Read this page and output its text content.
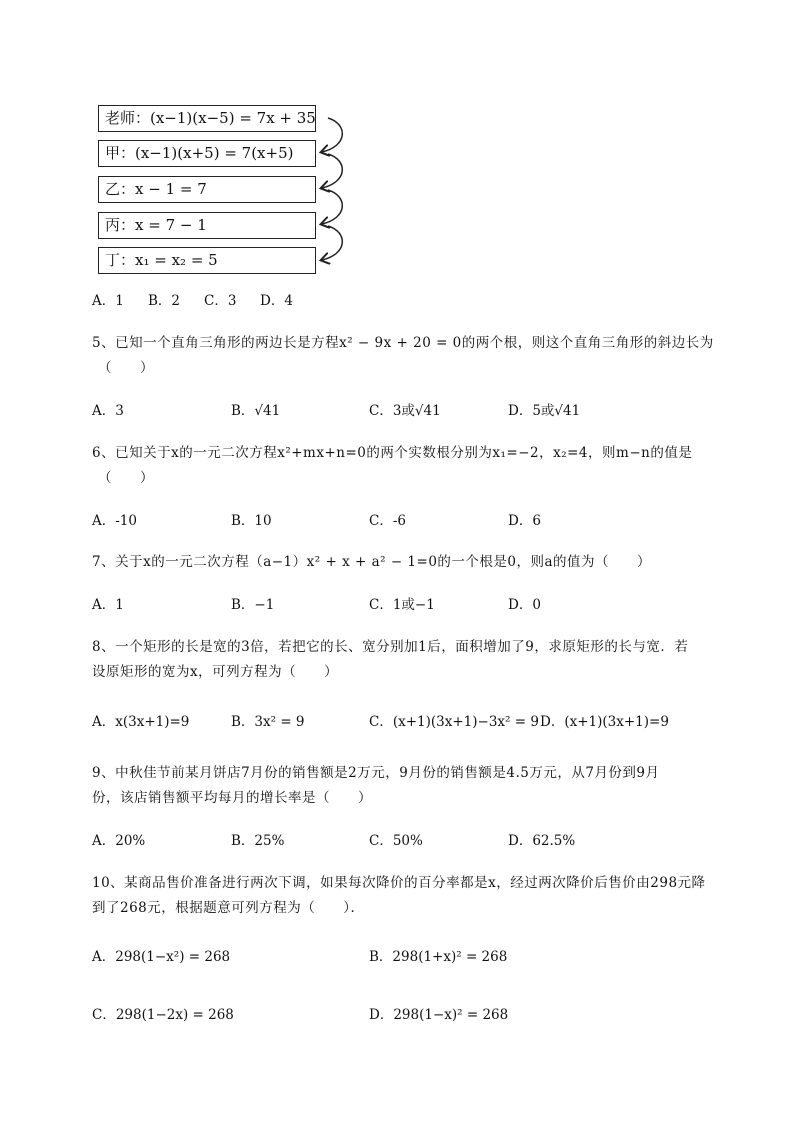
老师：(x−1)(x−5) = 7x + 35
甲：(x−1)(x+5) = 7(x+5)
乙：x − 1 = 7
丙：x = 7 − 1
丁：x₁ = x₂ = 5
A．1 B．2 C．3 D．4
5、已知一个直角三角形的两边长是方程x² − 9x + 20 = 0的两个根，则这个直角三角形的斜边长为
（　　）
A．3	B．√41	C．3或√41	D．5或√41
6、已知关于x的一元二次方程x²+mx+n=0的两个实数根分别为x₁=−2，x₂=4，则m−n的值是
（　　）
A．-10	B．10	C．-6	D．6
7、关于x的一元二次方程（a−1）x² + x + a² − 1=0的一个根是0，则a的值为（　　）
A．1	B．−1	C．1或−1	D．0
8、一个矩形的长是宽的3倍，若把它的长、宽分别加1后，面积增加了9，求原矩形的长与宽．若
设原矩形的宽为x，可列方程为（　　）
A．x(3x+1)=9	B．3x² = 9	C．(x+1)(3x+1)−3x² = 9 D．(x+1)(3x+1)=9
9、中秋佳节前某月饼店7月份的销售额是2万元，9月份的销售额是4.5万元，从7月份到9月
份，该店销售额平均每月的增长率是（　　）
A．20%	B．25%	C．50%	D．62.5%
10、某商品售价准备进行两次下调，如果每次降价的百分率都是x，经过两次降价后售价由298元降
到了268元，根据题意可列方程为（　　）．
A．298(1−x²) = 268	B．298(1+x)² = 268
C．298(1−2x) = 268	D．298(1−x)² = 268
